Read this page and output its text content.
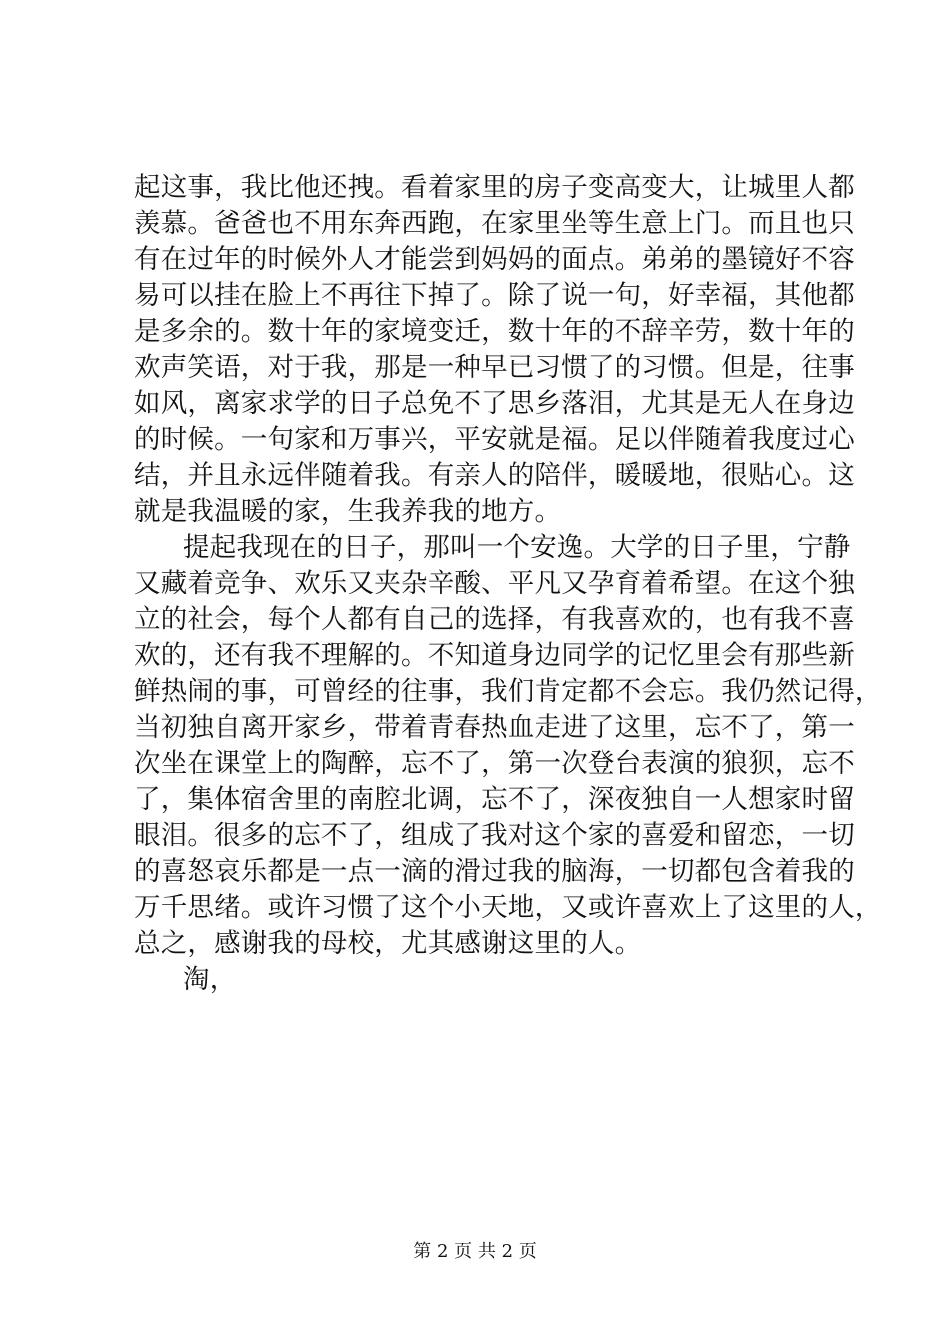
起这事，我比他还拽。看着家里的房子变高变大，让城里人都
羡慕。爸爸也不用东奔西跑，在家里坐等生意上门。而且也只
有在过年的时候外人才能尝到妈妈的面点。弟弟的墨镜好不容
易可以挂在脸上不再往下掉了。除了说一句，好幸福，其他都
是多余的。数十年的家境变迁，数十年的不辞辛劳，数十年的
欢声笑语，对于我，那是一种早已习惯了的习惯。但是，往事
如风，离家求学的日子总免不了思乡落泪，尤其是无人在身边
的时候。一句家和万事兴，平安就是福。足以伴随着我度过心
结，并且永远伴随着我。有亲人的陪伴，暖暖地，很贴心。这
就是我温暖的家，生我养我的地方。
提起我现在的日子，那叫一个安逸。大学的日子里，宁静
又藏着竞争、欢乐又夹杂辛酸、平凡又孕育着希望。在这个独
立的社会，每个人都有自己的选择，有我喜欢的，也有我不喜
欢的，还有我不理解的。不知道身边同学的记忆里会有那些新
鲜热闹的事，可曾经的往事，我们肯定都不会忘。我仍然记得，
当初独自离开家乡，带着青春热血走进了这里，忘不了，第一
次坐在课堂上的陶醉，忘不了，第一次登台表演的狼狈，忘不
了，集体宿舍里的南腔北调，忘不了，深夜独自一人想家时留
眼泪。很多的忘不了，组成了我对这个家的喜爱和留恋，一切
的喜怒哀乐都是一点一滴的滑过我的脑海，一切都包含着我的
万千思绪。或许习惯了这个小天地，又或许喜欢上了这里的人，
总之，感谢我的母校，尤其感谢这里的人。
淘，
第 2 页 共 2 页
